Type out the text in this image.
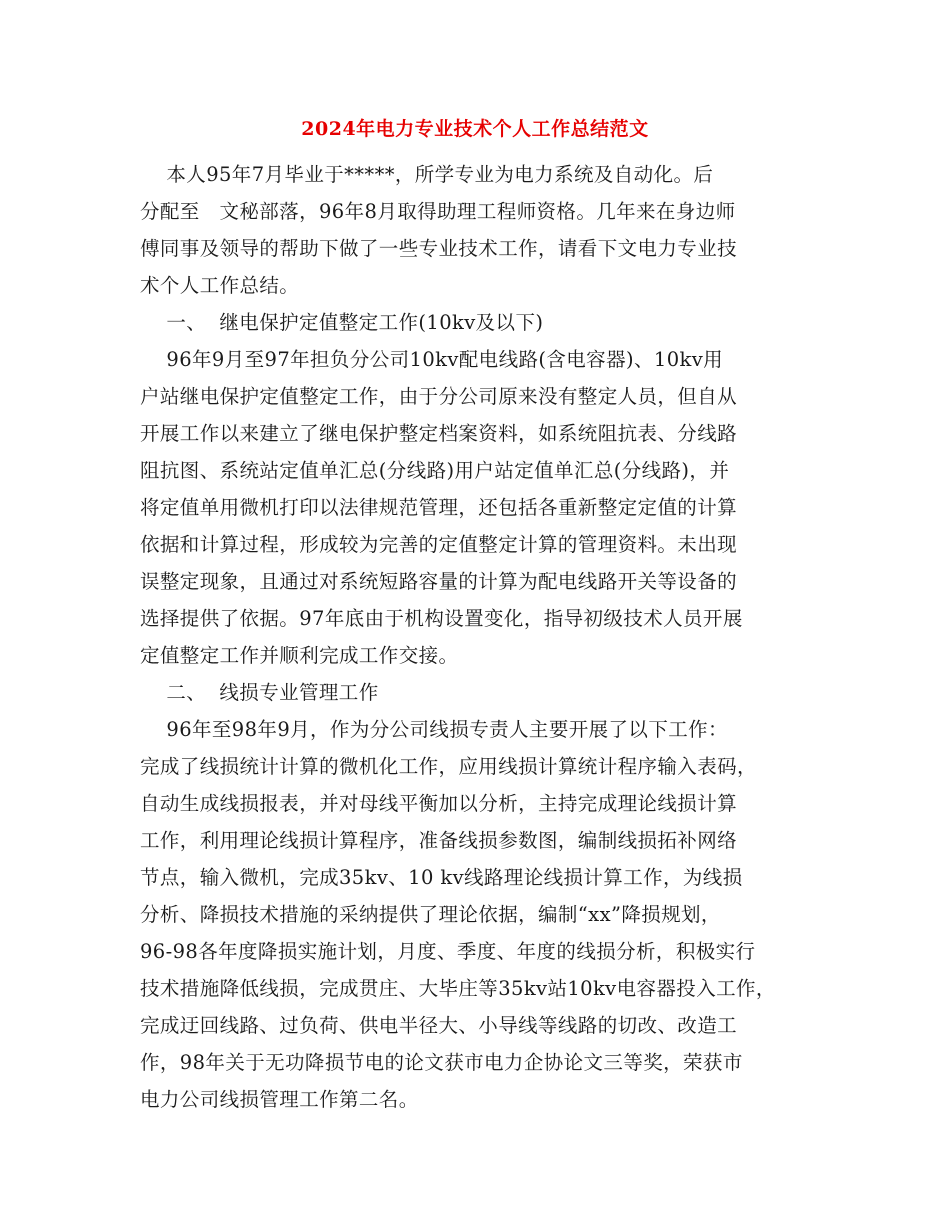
2024年电力专业技术个人工作总结范文
本人95年7月毕业于*****，所学专业为电力系统及自动化。后
分配至   文秘部落，96年8月取得助理工程师资格。几年来在身边师
傅同事及领导的帮助下做了一些专业技术工作，请看下文电力专业技
术个人工作总结。
一、  继电保护定值整定工作(10kv及以下)
96年9月至97年担负分公司10kv配电线路(含电容器)、10kv用
户站继电保护定值整定工作，由于分公司原来没有整定人员，但自从
开展工作以来建立了继电保护整定档案资料，如系统阻抗表、分线路
阻抗图、系统站定值单汇总(分线路)用户站定值单汇总(分线路)，并
将定值单用微机打印以法律规范管理，还包括各重新整定定值的计算
依据和计算过程，形成较为完善的定值整定计算的管理资料。未出现
误整定现象，且通过对系统短路容量的计算为配电线路开关等设备的
选择提供了依据。97年底由于机构设置变化，指导初级技术人员开展
定值整定工作并顺利完成工作交接。
二、  线损专业管理工作
96年至98年9月，作为分公司线损专责人主要开展了以下工作：
完成了线损统计计算的微机化工作，应用线损计算统计程序输入表码，
自动生成线损报表，并对母线平衡加以分析，主持完成理论线损计算
工作，利用理论线损计算程序，准备线损参数图，编制线损拓补网络
节点，输入微机，完成35kv、10 kv线路理论线损计算工作，为线损
分析、降损技术措施的采纳提供了理论依据，编制“xx”降损规划，
96-98各年度降损实施计划，月度、季度、年度的线损分析，积极实行
技术措施降低线损，完成贯庄、大毕庄等35kv站10kv电容器投入工作，
完成迂回线路、过负荷、供电半径大、小导线等线路的切改、改造工
作，98年关于无功降损节电的论文获市电力企协论文三等奖，荣获市
电力公司线损管理工作第二名。
